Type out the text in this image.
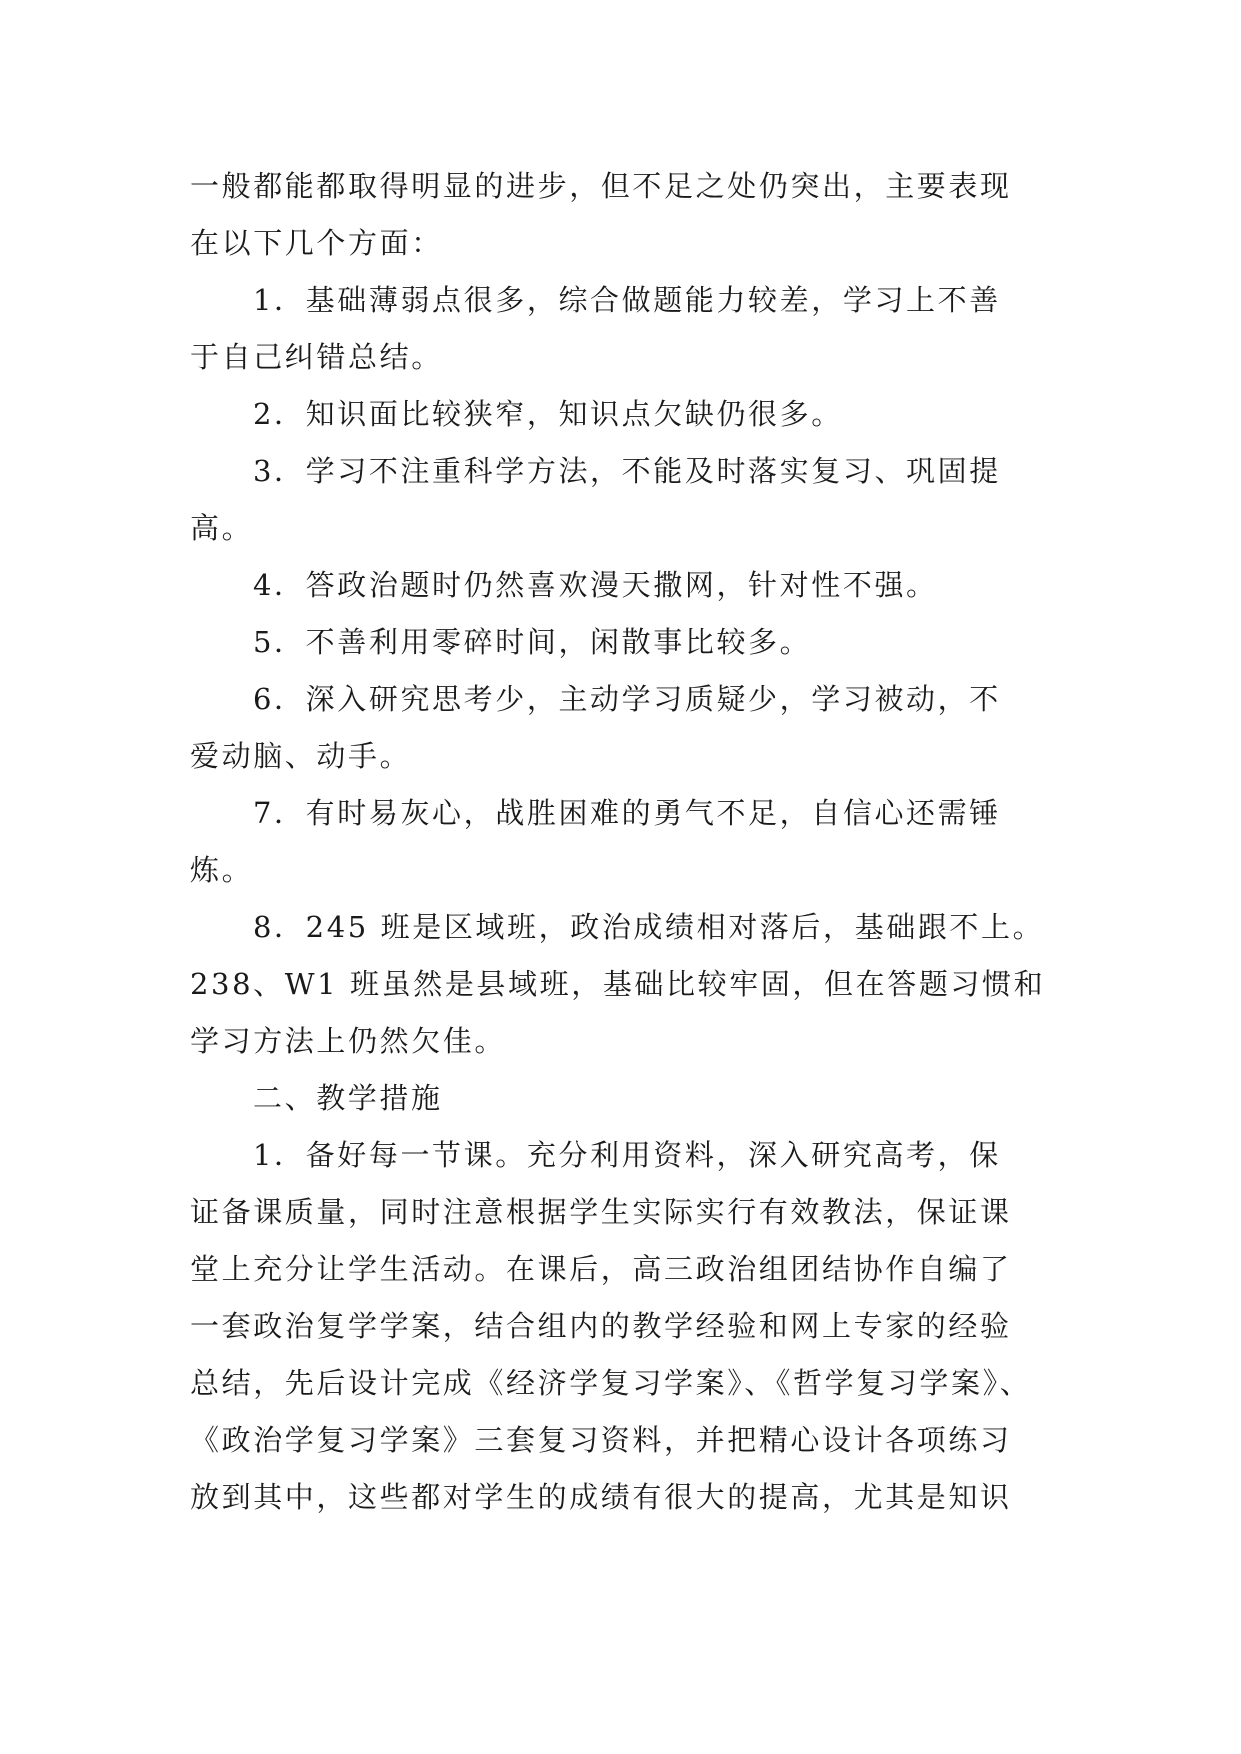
一般都能都取得明显的进步，但不足之处仍突出，主要表现
在以下几个方面：
1．基础薄弱点很多，综合做题能力较差，学习上不善
于自己纠错总结。
2．知识面比较狭窄，知识点欠缺仍很多。
3．学习不注重科学方法，不能及时落实复习、巩固提
高。
4．答政治题时仍然喜欢漫天撒网，针对性不强。
5．不善利用零碎时间，闲散事比较多。
6．深入研究思考少，主动学习质疑少，学习被动，不
爱动脑、动手。
7．有时易灰心，战胜困难的勇气不足，自信心还需锤
炼。
8．245 班是区域班，政治成绩相对落后，基础跟不上。
238、W1 班虽然是县域班，基础比较牢固，但在答题习惯和
学习方法上仍然欠佳。
二、教学措施
1．备好每一节课。充分利用资料，深入研究高考，保
证备课质量，同时注意根据学生实际实行有效教法，保证课
堂上充分让学生活动。在课后，高三政治组团结协作自编了
一套政治复学学案，结合组内的教学经验和网上专家的经验
总结，先后设计完成《经济学复习学案》、《哲学复习学案》、
《政治学复习学案》三套复习资料，并把精心设计各项练习
放到其中，这些都对学生的成绩有很大的提高，尤其是知识
